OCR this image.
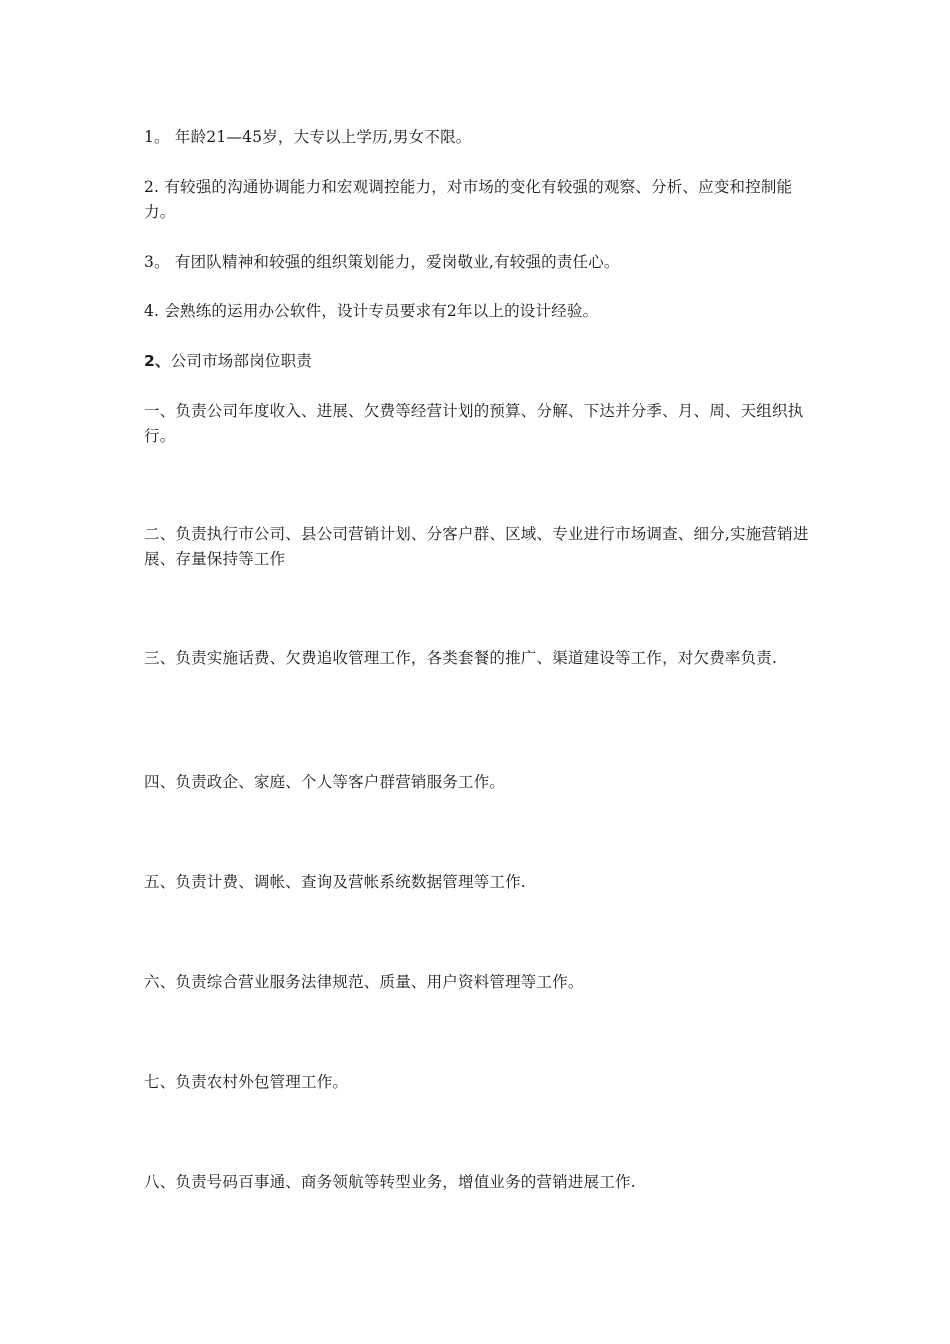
1。 年龄21—45岁，大专以上学历,男女不限。

2. 有较强的沟通协调能力和宏观调控能力，对市场的变化有较强的观察、分析、应变和控制能力。

3。 有团队精神和较强的组织策划能力，爱岗敬业,有较强的责任心。

4. 会熟练的运用办公软件，设计专员要求有2年以上的设计经验。

2、公司市场部岗位职责

一、负责公司年度收入、进展、欠费等经营计划的预算、分解、下达并分季、月、周、天组织执行。

二、负责执行市公司、县公司营销计划、分客户群、区域、专业进行市场调查、细分,实施营销进展、存量保持等工作

三、负责实施话费、欠费追收管理工作，各类套餐的推广、渠道建设等工作，对欠费率负责.

四、负责政企、家庭、个人等客户群营销服务工作。

五、负责计费、调帐、查询及营帐系统数据管理等工作.

六、负责综合营业服务法律规范、质量、用户资料管理等工作。

七、负责农村外包管理工作。

八、负责号码百事通、商务领航等转型业务，增值业务的营销进展工作.
